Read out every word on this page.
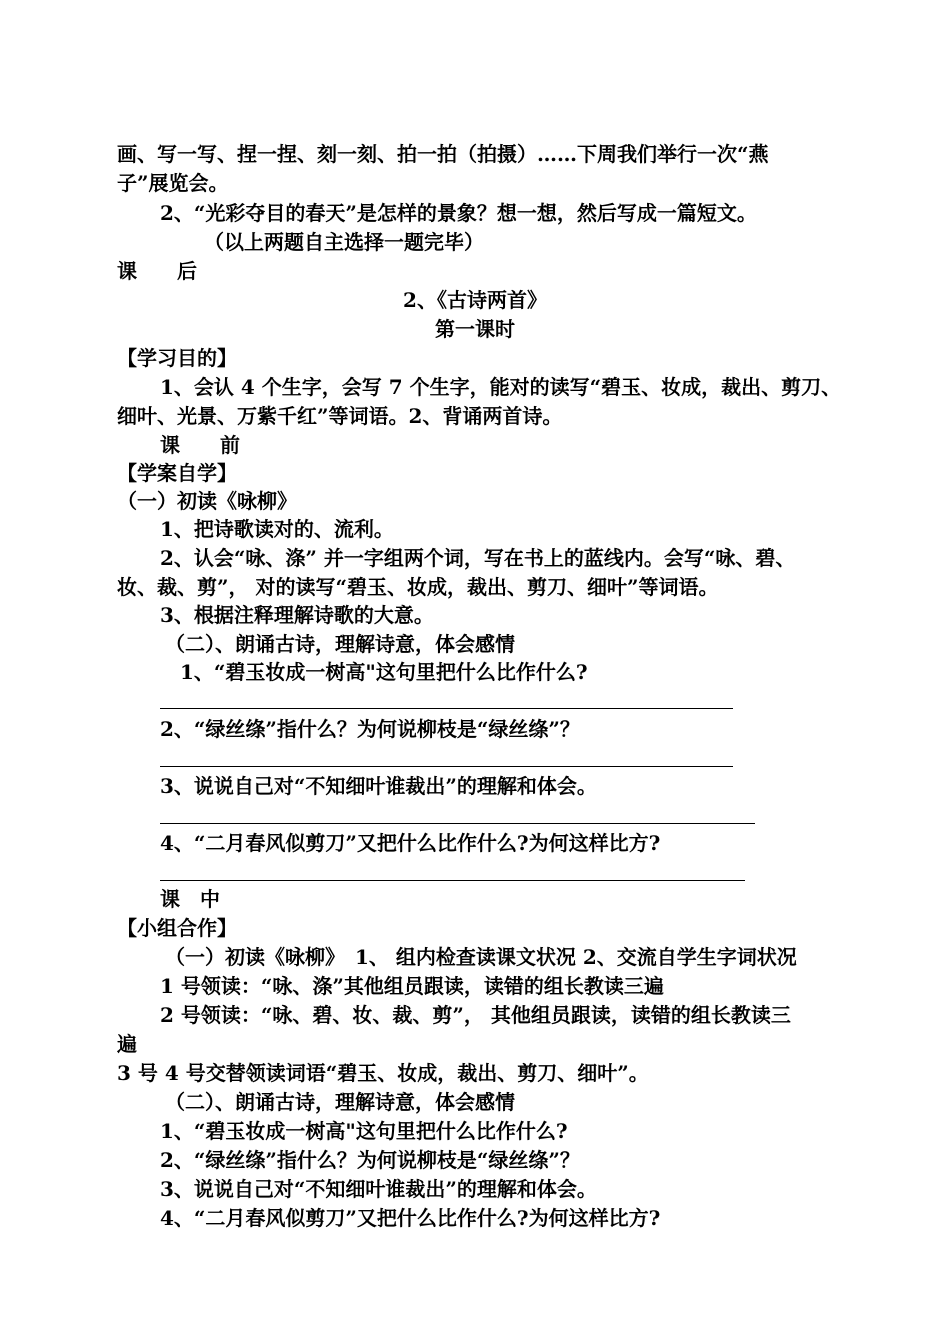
画、写一写、捏一捏、刻一刻、拍一拍（拍摄）……下周我们举行一次“燕
子”展览会。
2、“光彩夺目的春天”是怎样的景象？想一想，然后写成一篇短文。
（以上两题自主选择一题完毕）
课　　后
2、《古诗两首》
第一课时
【学习目的】
1、会认 4 个生字，会写 7 个生字，能对的读写“碧玉、妆成，裁出、剪刀、
细叶、光景、万紫千红”等词语。2、背诵两首诗。
课　　前
【学案自学】
（一）初读《咏柳》
1、把诗歌读对的、流利。
2、认会“咏、涤” 并一字组两个词，写在书上的蓝线内。会写“咏、碧、
妆、裁、剪”， 对的读写“碧玉、妆成，裁出、剪刀、细叶”等词语。
3、根据注释理解诗歌的大意。
（二）、朗诵古诗，理解诗意，体会感情
1、“碧玉妆成一树高"这句里把什么比作什么?
2、“绿丝绦”指什么？为何说柳枝是“绿丝绦”？
3、说说自己对“不知细叶谁裁出”的理解和体会。
4、“二月春风似剪刀”又把什么比作什么?为何这样比方?
课　中
【小组合作】
（一）初读《咏柳》　1、 组内检查读课文状况 2、交流自学生字词状况
1 号领读：“咏、涤”其他组员跟读，读错的组长教读三遍
2 号领读：“咏、碧、妆、裁、剪”， 其他组员跟读，读错的组长教读三
遍
3 号 4 号交替领读词语“碧玉、妆成，裁出、剪刀、细叶”。
（二）、朗诵古诗，理解诗意，体会感情
1、“碧玉妆成一树高"这句里把什么比作什么?
2、“绿丝绦”指什么？为何说柳枝是“绿丝绦”？
3、说说自己对“不知细叶谁裁出”的理解和体会。
4、“二月春风似剪刀”又把什么比作什么?为何这样比方?
